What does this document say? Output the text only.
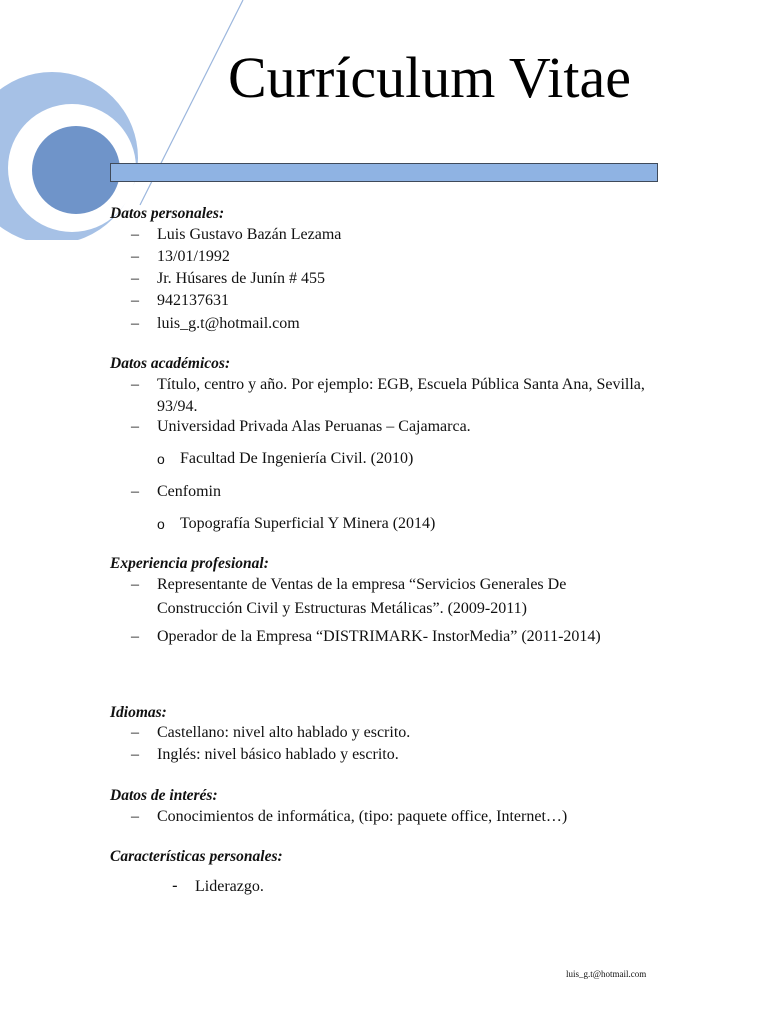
Currículum Vitae
Datos personales:
– Luis Gustavo Bazán Lezama
– 13/01/1992
– Jr. Húsares de Junín # 455
– 942137631
– luis_g.t@hotmail.com
Datos académicos:
– Título, centro y año. Por ejemplo: EGB, Escuela Pública Santa Ana, Sevilla, 93/94.
– Universidad Privada Alas Peruanas – Cajamarca.
o Facultad De Ingeniería Civil. (2010)
– Cenfomin
o Topografía Superficial Y Minera (2014)
Experiencia profesional:
– Representante de Ventas de la empresa “Servicios Generales De Construcción Civil y Estructuras Metálicas”. (2009-2011)
– Operador de la Empresa “DISTRIMARK- InstorMedia” (2011-2014)
Idiomas:
– Castellano: nivel alto hablado y escrito.
– Inglés: nivel básico hablado y escrito.
Datos de interés:
– Conocimientos de informática, (tipo: paquete office, Internet…)
Características personales:
- Liderazgo.
luis_g.t@hotmail.com
